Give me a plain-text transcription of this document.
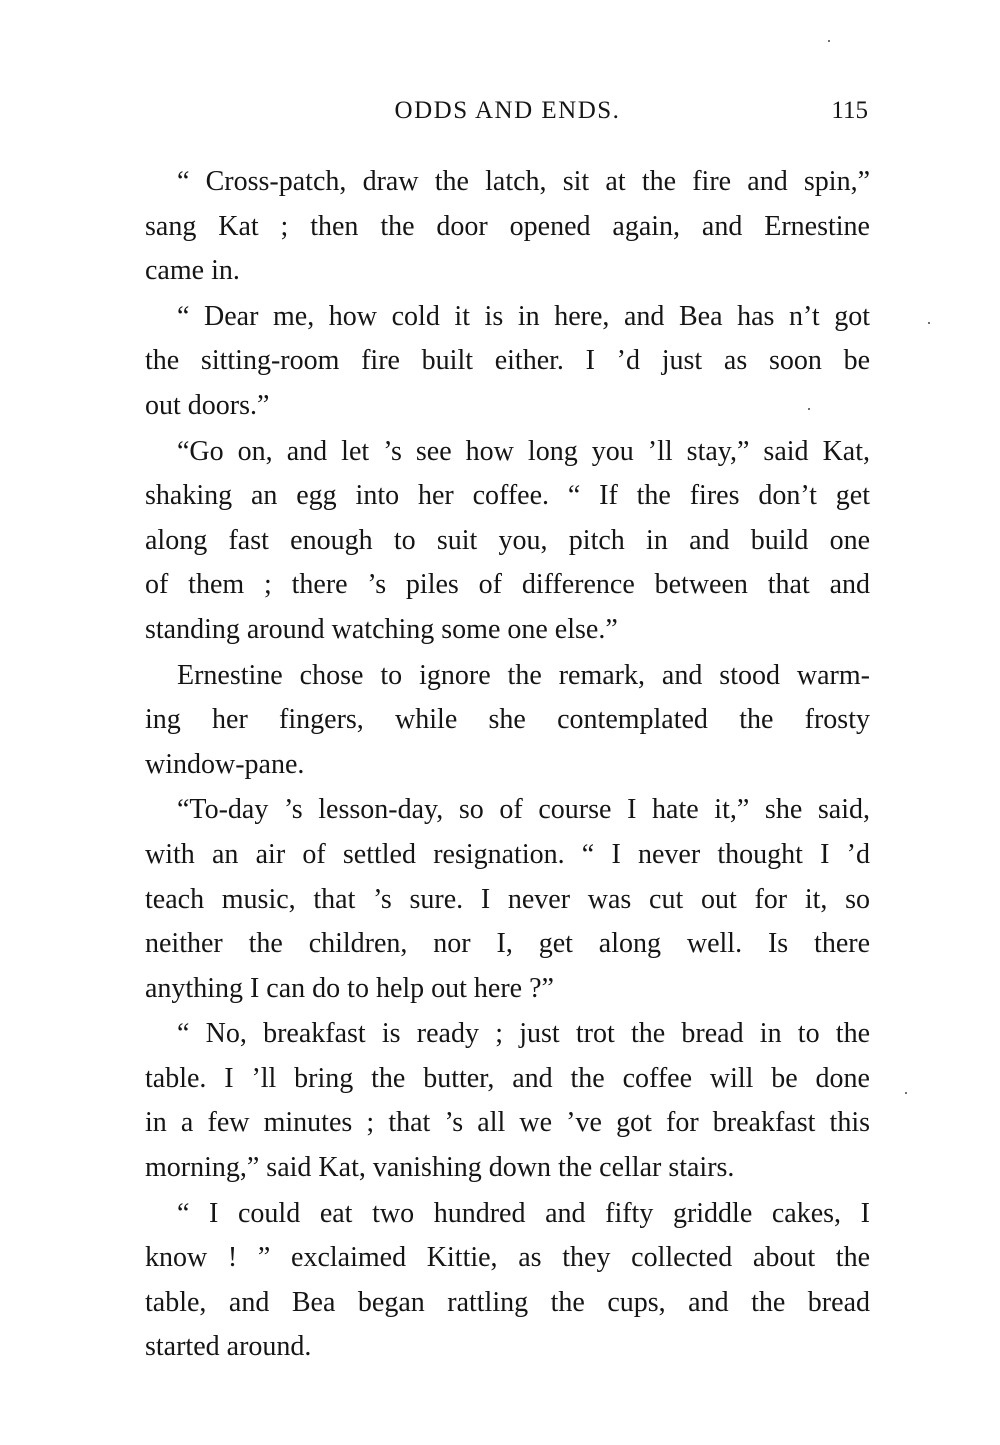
ODDS AND ENDS.	115
“ Cross-patch, draw the latch, sit at the fire and spin,”
sang Kat ; then the door opened again, and Ernestine
came in.
“ Dear me, how cold it is in here, and Bea has n’t got
the sitting-room fire built either. I ’d just as soon be
out doors.”
“Go on, and let ’s see how long you ’ll stay,” said Kat,
shaking an egg into her coffee. “ If the fires don’t get
along fast enough to suit you, pitch in and build one
of them ; there ’s piles of difference between that and
standing around watching some one else.”
Ernestine chose to ignore the remark, and stood warm-
ing her fingers, while she contemplated the frosty
window-pane.
“To-day ’s lesson-day, so of course I hate it,” she said,
with an air of settled resignation. “ I never thought I ’d
teach music, that ’s sure. I never was cut out for it, so
neither the children, nor I, get along well. Is there
anything I can do to help out here ?”
“ No, breakfast is ready ; just trot the bread in to the
table. I ’ll bring the butter, and the coffee will be done
in a few minutes ; that ’s all we ’ve got for breakfast this
morning,” said Kat, vanishing down the cellar stairs.
“ I could eat two hundred and fifty griddle cakes, I
know ! ” exclaimed Kittie, as they collected about the
table, and Bea began rattling the cups, and the bread
started around.
